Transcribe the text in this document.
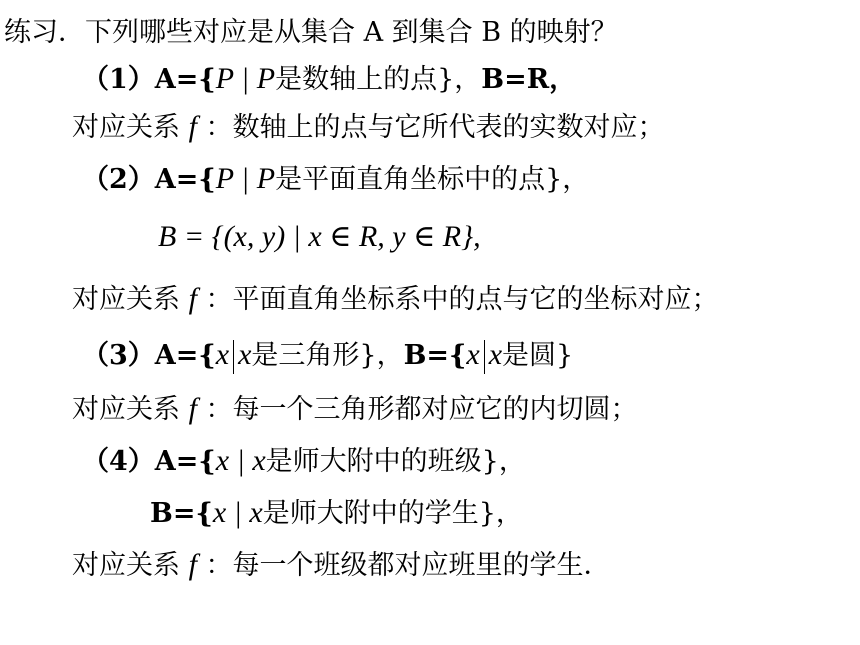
练习．下列哪些对应是从集合 A 到集合 B 的映射？
（1）A={P | P是数轴上的点}，B=R，
对应关系 f ：数轴上的点与它所代表的实数对应；
（2）A={P | P是平面直角坐标中的点}，
B = {(x, y) | x ∈ R, y ∈ R},
对应关系 f ：平面直角坐标系中的点与它的坐标对应；
（3）A={x x是三角形}，B={x x是圆}
对应关系 f ：每一个三角形都对应它的内切圆；
（4）A={x | x是师大附中的班级}，
B={x | x是师大附中的学生}，
对应关系 f ：每一个班级都对应班里的学生．
